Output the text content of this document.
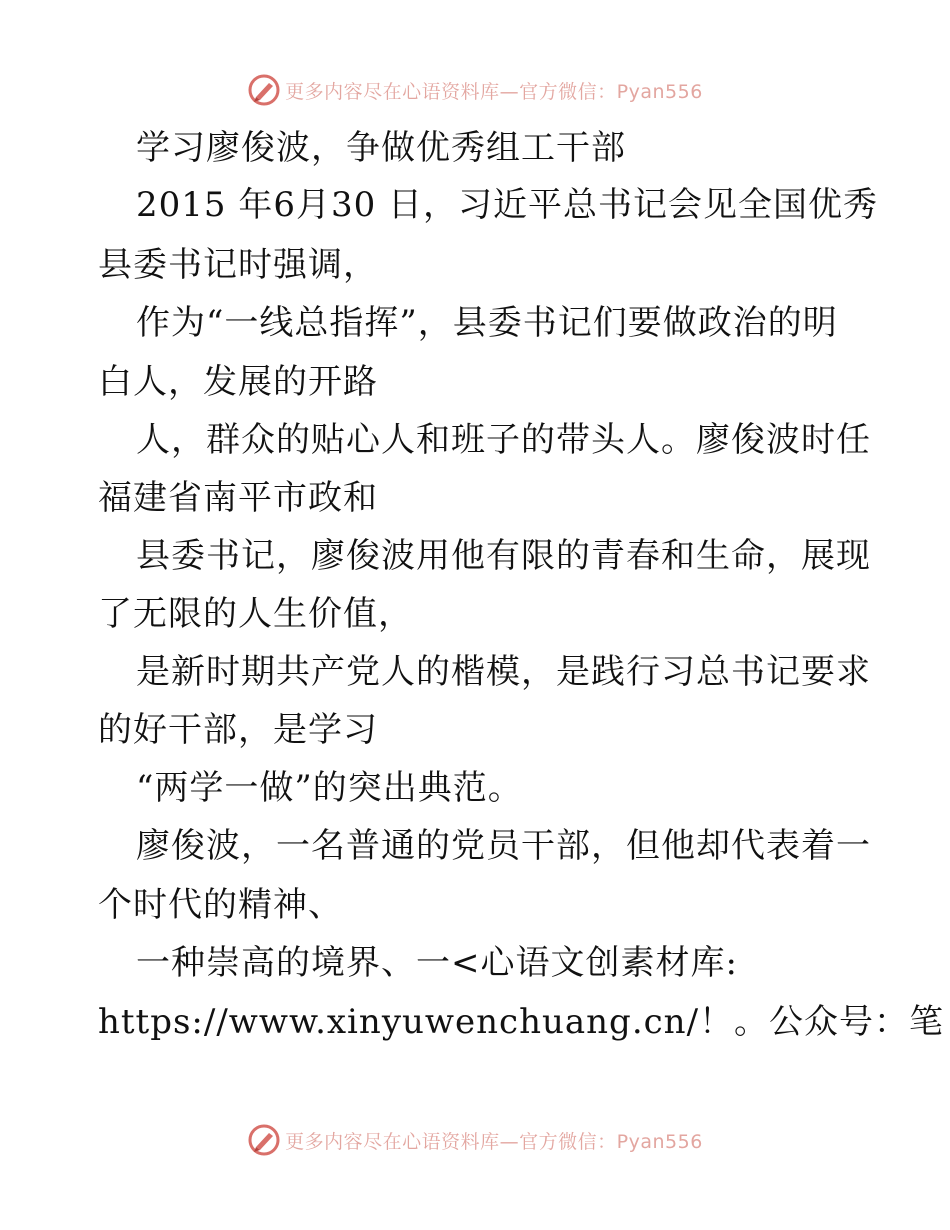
更多内容尽在心语资料库—官方微信：Pyan556
学习廖俊波，争做优秀组工干部
2015 年6月30 日，习近平总书记会见全国优秀
县委书记时强调，
作为“一线总指挥”，县委书记们要做政治的明
白人，发展的开路
人，群众的贴心人和班子的带头人。廖俊波时任
福建省南平市政和
县委书记，廖俊波用他有限的青春和生命，展现
了无限的人生价值，
是新时期共产党人的楷模，是践行习总书记要求
的好干部，是学习
“两学一做”的突出典范。
廖俊波，一名普通的党员干部，但他却代表着一
个时代的精神、
一种崇高的境界、一<心语文创素材库:
https://www.xinyuwenchuang.cn/！。公众号：笔
更多内容尽在心语资料库—官方微信：Pyan556
